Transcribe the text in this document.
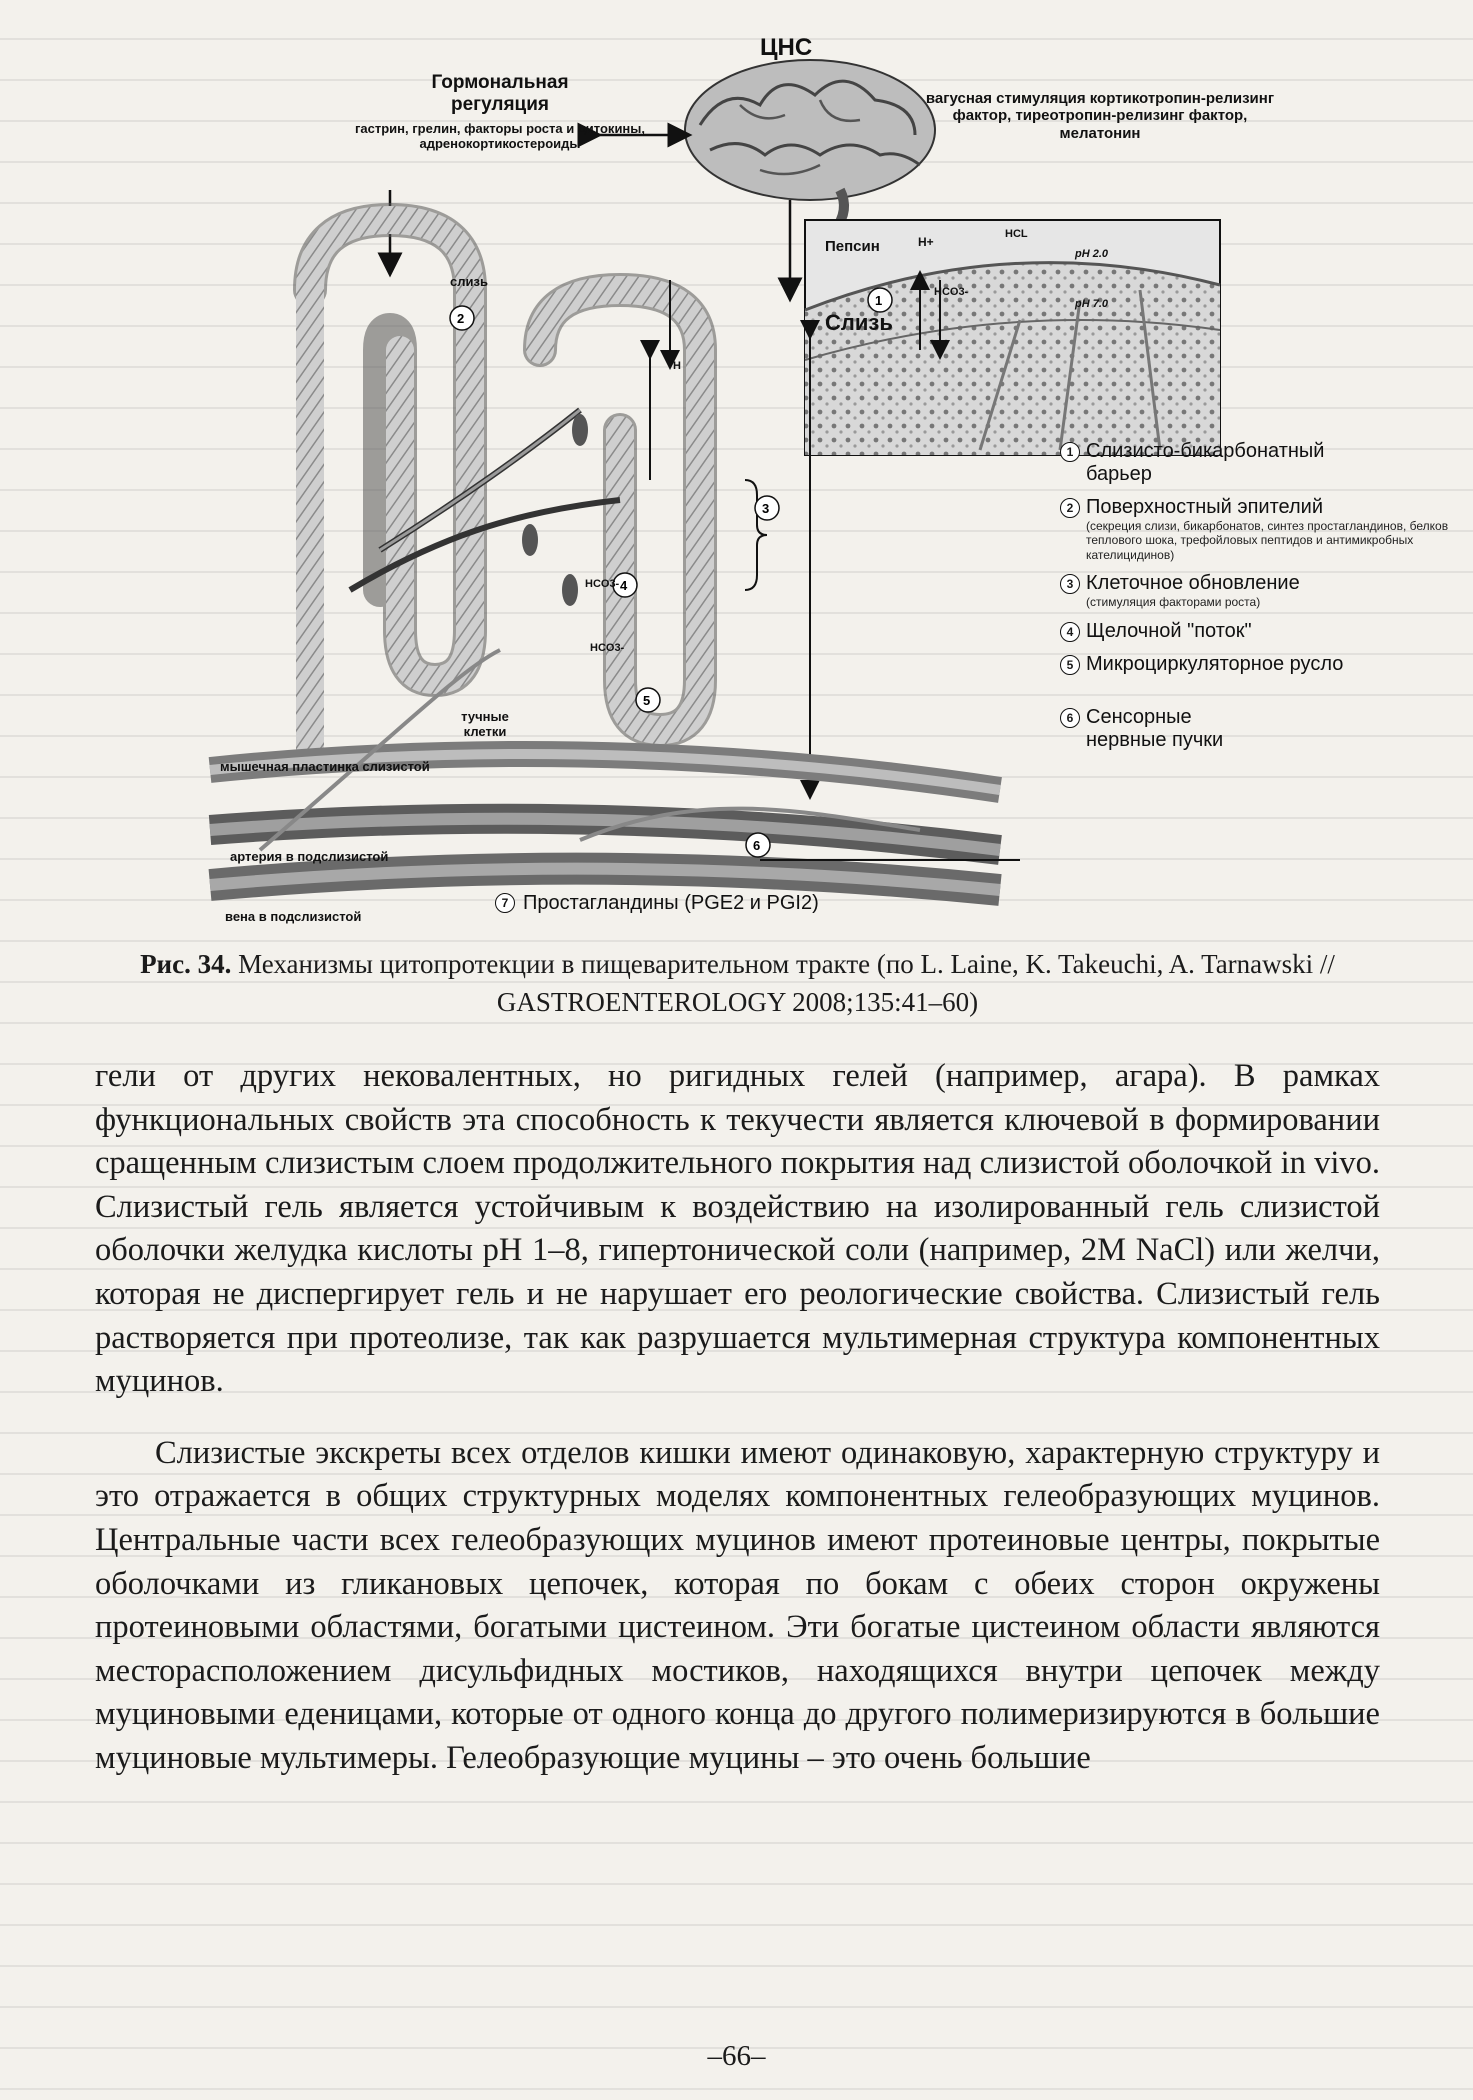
2
1
3
4
5
6
ЦНС
Гормональная регуляция
гастрин, грелин, факторы роста и цитокины, адренокортикостероиды
вагусная стимуляция кортикотропин-релизинг фактор, тиреотропин-релизинг фактор, мелатонин
слизь
Пепсин	H+
HCL
HCO3-
pH 2.0
pH 7.0
Слизь
H
HCO3-
HCO3-
тучные клетки
мышечная пластинка слизистой
артерия в подслизистой
вена в подслизистой
1 Слизисто-бикарбонатный барьер
2 Поверхностный эпителий
(секреция слизи, бикарбонатов, синтез простагландинов, белков теплового шока, трефойловых пептидов и антимикробных кателицидинов)
3 Клеточное обновление
(стимуляция факторами роста)
4 Щелочной "поток"
5 Микроциркуляторное русло
6 Сенсорные нервные пучки
7 Простагландины (PGE2 и PGI2)
Рис. 34. Механизмы цитопротекции в пищеварительном тракте (по L. Laine, K. Takeuchi, A. Tarnawski // GASTROENTEROLOGY 2008;135:41–60)

гели от других нековалентных, но ригидных гелей (например, агара). В рамках функциональных свойств эта способность к текучести является ключевой в формировании сращенным слизистым слоем продолжительного покрытия над слизистой оболочкой in vivo. Слизистый гель является устойчивым к воздействию на изолированный гель слизистой оболочки желудка кислоты pH 1–8, гипертонической соли (например, 2M NaCl) или желчи, которая не диспергирует гель и не нарушает его реологические свойства. Слизистый гель растворяется при протеолизе, так как разрушается мультимерная структура компонентных муцинов.

Слизистые экскреты всех отделов кишки имеют одинаковую, характерную структуру и это отражается в общих структурных моделях компонентных гелеобразующих муцинов. Центральные части всех гелеобразующих муцинов имеют протеиновые центры, покрытые оболочками из гликановых цепочек, которая по бокам с обеих сторон окружены протеиновыми областями, богатыми цистеином. Эти богатые цистеином области являются месторасположением дисульфидных мостиков, находящихся внутри цепочек между муциновыми еденицами, которые от одного конца до другого полимеризируются в большие муциновые мультимеры. Гелеобразующие муцины – это очень большие

–66–
